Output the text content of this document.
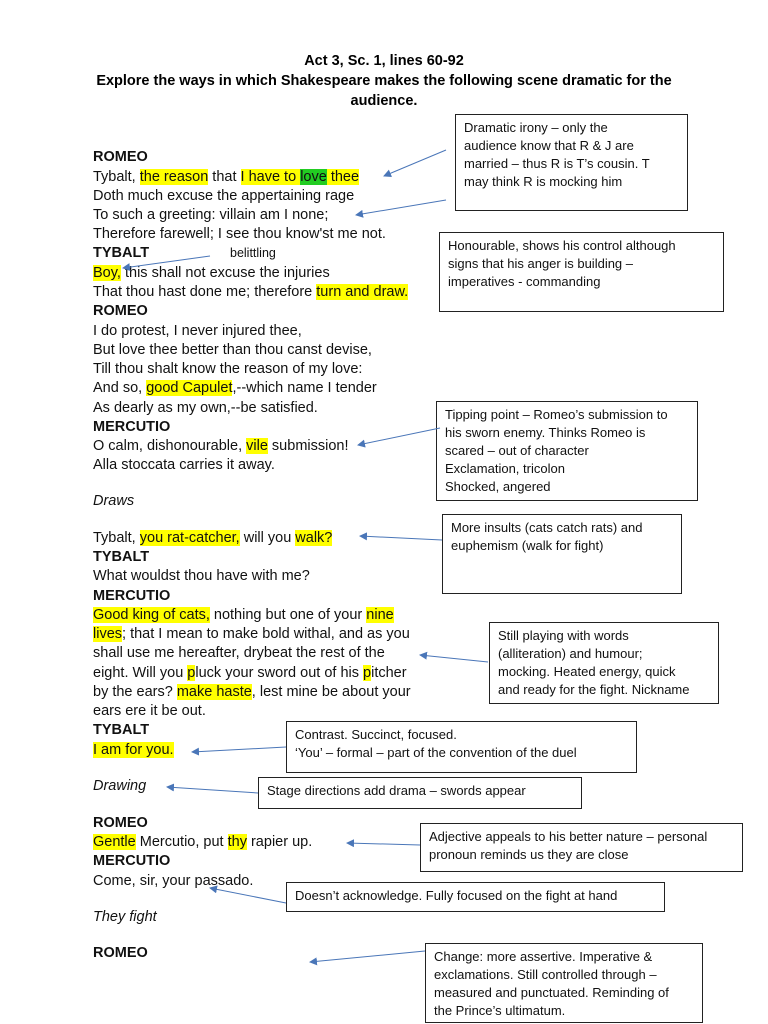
Act 3, Sc. 1, lines 60-92
Explore the ways in which Shakespeare makes the following scene dramatic for the
audience.
ROMEO
Tybalt, the reason that I have to love thee
Doth much excuse the appertaining rage
To such a greeting: villain am I none;
Therefore farewell; I see thou know'st me not.
TYBALT
Boy, this shall not excuse the injuries
That thou hast done me; therefore turn and draw.
ROMEO
I do protest, I never injured thee,
But love thee better than thou canst devise,
Till thou shalt know the reason of my love:
And so, good Capulet,--which name I tender
As dearly as my own,--be satisfied.
MERCUTIO
O calm, dishonourable, vile submission!
Alla stoccata carries it away.
Draws
Tybalt, you rat-catcher, will you walk?
TYBALT
What wouldst thou have with me?
MERCUTIO
Good king of cats, nothing but one of your nine
lives; that I mean to make bold withal, and as you
shall use me hereafter, drybeat the rest of the
eight. Will you pluck your sword out of his pitcher
by the ears? make haste, lest mine be about your
ears ere it be out.
TYBALT
I am for you.
Drawing
ROMEO
Gentle Mercutio, put thy rapier up.
MERCUTIO
Come, sir, your passado.
They fight
ROMEO
belittling
Dramatic irony – only the
audience know that R & J are
married – thus R is T’s cousin. T
may think R is mocking him
Honourable, shows his control although
signs that his anger is building –
imperatives - commanding
Tipping point – Romeo’s submission to
his sworn enemy. Thinks Romeo is
scared – out of character
Exclamation, tricolon
Shocked, angered
More insults (cats catch rats) and
euphemism (walk for fight)
Still playing with words
(alliteration) and humour;
mocking. Heated energy, quick
and ready for the fight. Nickname
Contrast. Succinct, focused.
‘You’ – formal – part of the convention of the duel
Stage directions add drama – swords appear
Adjective appeals to his better nature – personal
pronoun reminds us they are close
Doesn’t acknowledge. Fully focused on the fight at hand
Change: more assertive. Imperative &
exclamations. Still controlled through –
measured and punctuated. Reminding of
the Prince’s ultimatum.
